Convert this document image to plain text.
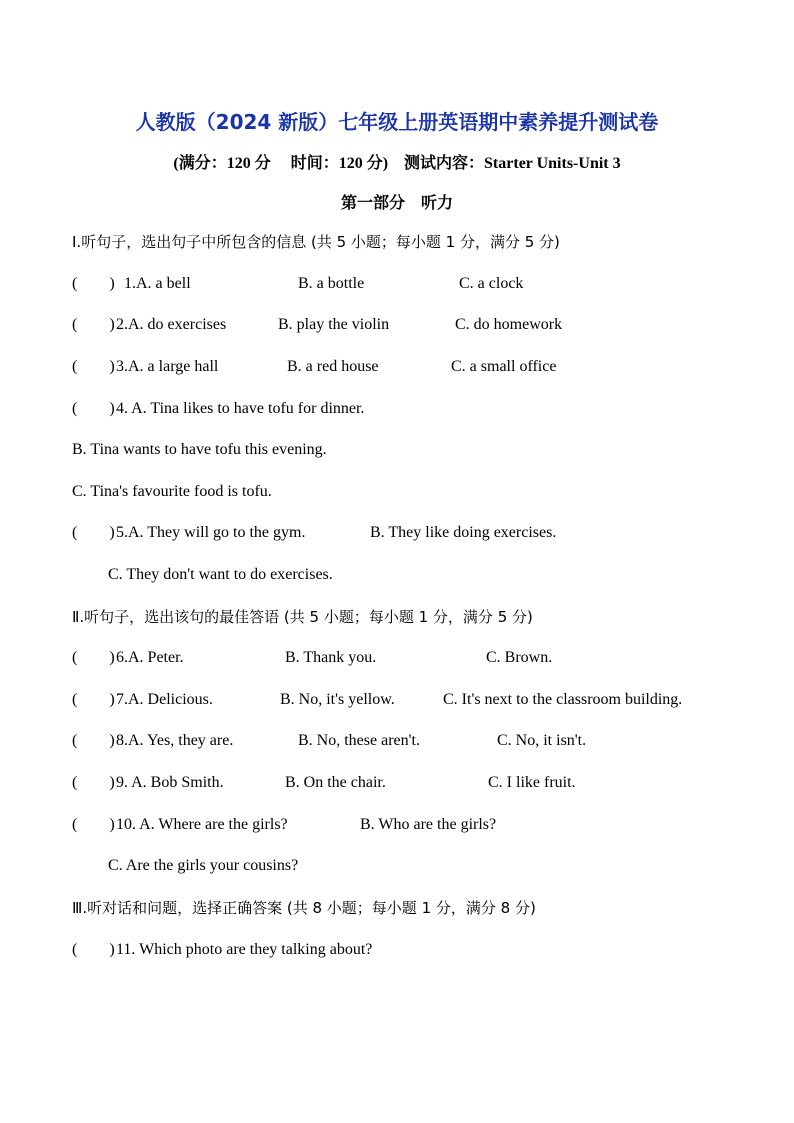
人教版（2024 新版）七年级上册英语期中素养提升测试卷
(满分：120 分　 时间：120 分)　测试内容：Starter Units-Unit 3
第一部分　听力
I.听句子，选出句子中所包含的信息 (共 5 小题；每小题 1 分，满分 5 分)
(　　) 1.A. a bell	B. a bottle	C. a clock
(　　) 2.A. do exercises	B. play the violin	C. do homework
(　　) 3.A. a large hall	B. a red house	C. a small office
(　　) 4. A. Tina likes to have tofu for dinner.
B. Tina wants to have tofu this evening.
C. Tina's favourite food is tofu.
(　　) 5.A. They will go to the gym.	B. They like doing exercises.
C. They don't want to do exercises.
Ⅱ.听句子，选出该句的最佳答语 (共 5 小题；每小题 1 分，满分 5 分)
(　　) 6.A. Peter.	B. Thank you.	C. Brown.
(　　) 7.A. Delicious.	B. No, it's yellow.	C. It's next to the classroom building.
(　　) 8.A. Yes, they are.	B. No, these aren't.	C. No, it isn't.
(　　) 9. A. Bob Smith.	B. On the chair.	C. I like fruit.
(　　) 10. A. Where are the girls?	B. Who are the girls?
C. Are the girls your cousins?
Ⅲ.听对话和问题，选择正确答案 (共 8 小题；每小题 1 分，满分 8 分)
(　　) 11. Which photo are they talking about?
